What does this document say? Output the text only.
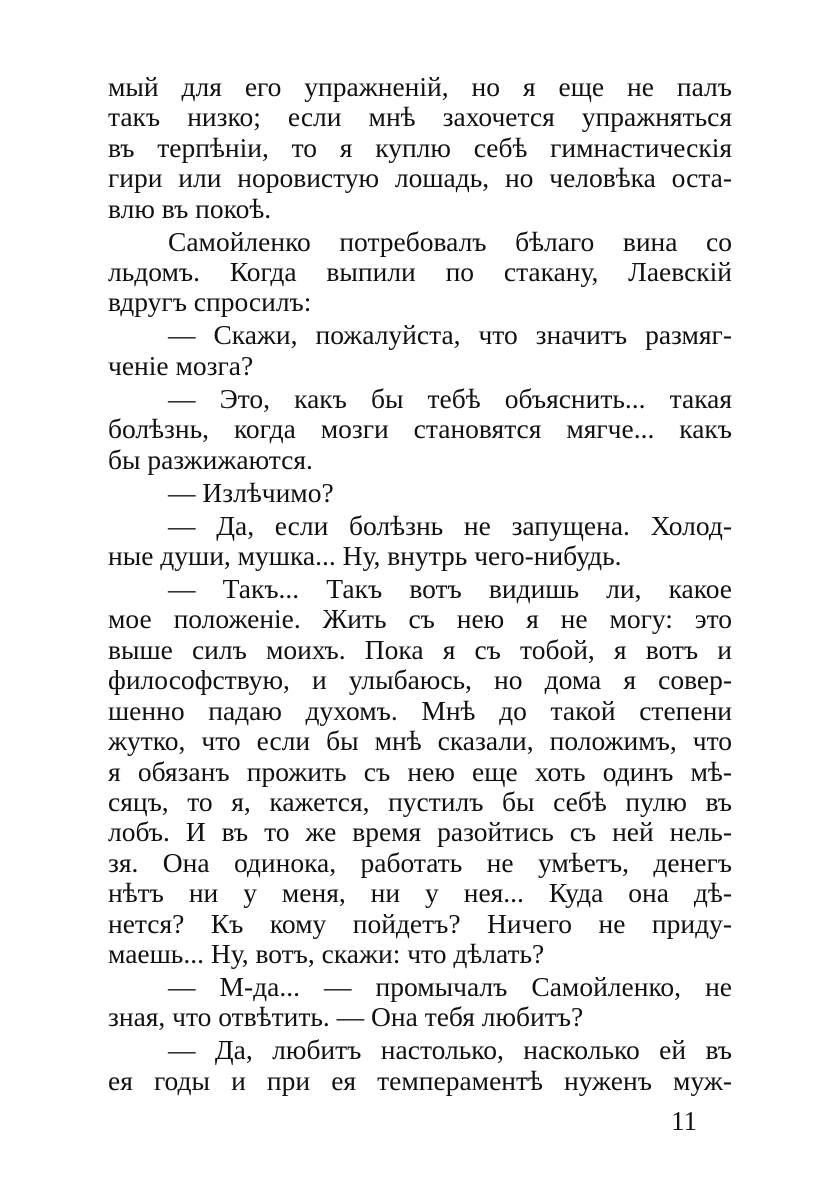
мый для его упражненій, но я еще не палъ
такъ низко; если мнѣ захочется упражняться
въ терпѣніи, то я куплю себѣ гимнастическія
гири или норовистую лошадь, но человѣка оста-
влю въ покоѣ.
Самойленко потребовалъ бѣлаго вина со
льдомъ. Когда выпили по стакану, Лаевскій
вдругъ спросилъ:
— Скажи, пожалуйста, что значитъ размяг-
ченіе мозга?
— Это, какъ бы тебѣ объяснить... такая
болѣзнь, когда мозги становятся мягче... какъ
бы разжижаются.
— Излѣчимо?
— Да, если болѣзнь не запущена. Холод-
ные души, мушка... Ну, внутрь чего-нибудь.
— Такъ... Такъ вотъ видишь ли, какое
мое положеніе. Жить съ нею я не могу: это
выше силъ моихъ. Пока я съ тобой, я вотъ и
философствую, и улыбаюсь, но дома я совер-
шенно падаю духомъ. Мнѣ до такой степени
жутко, что если бы мнѣ сказали, положимъ, что
я обязанъ прожить съ нею еще хоть одинъ мѣ-
сяцъ, то я, кажется, пустилъ бы себѣ пулю въ
лобъ. И въ то же время разойтись съ ней нель-
зя. Она одинока, работать не умѣетъ, денегъ
нѣтъ ни у меня, ни у нея... Куда она дѣ-
нется? Къ кому пойдетъ? Ничего не приду-
маешь... Ну, вотъ, скажи: что дѣлать?
— М-да... — промычалъ Самойленко, не
зная, что отвѣтить. — Она тебя любитъ?
— Да, любитъ настолько, насколько ей въ
ея годы и при ея темпераментѣ нуженъ муж-
11
